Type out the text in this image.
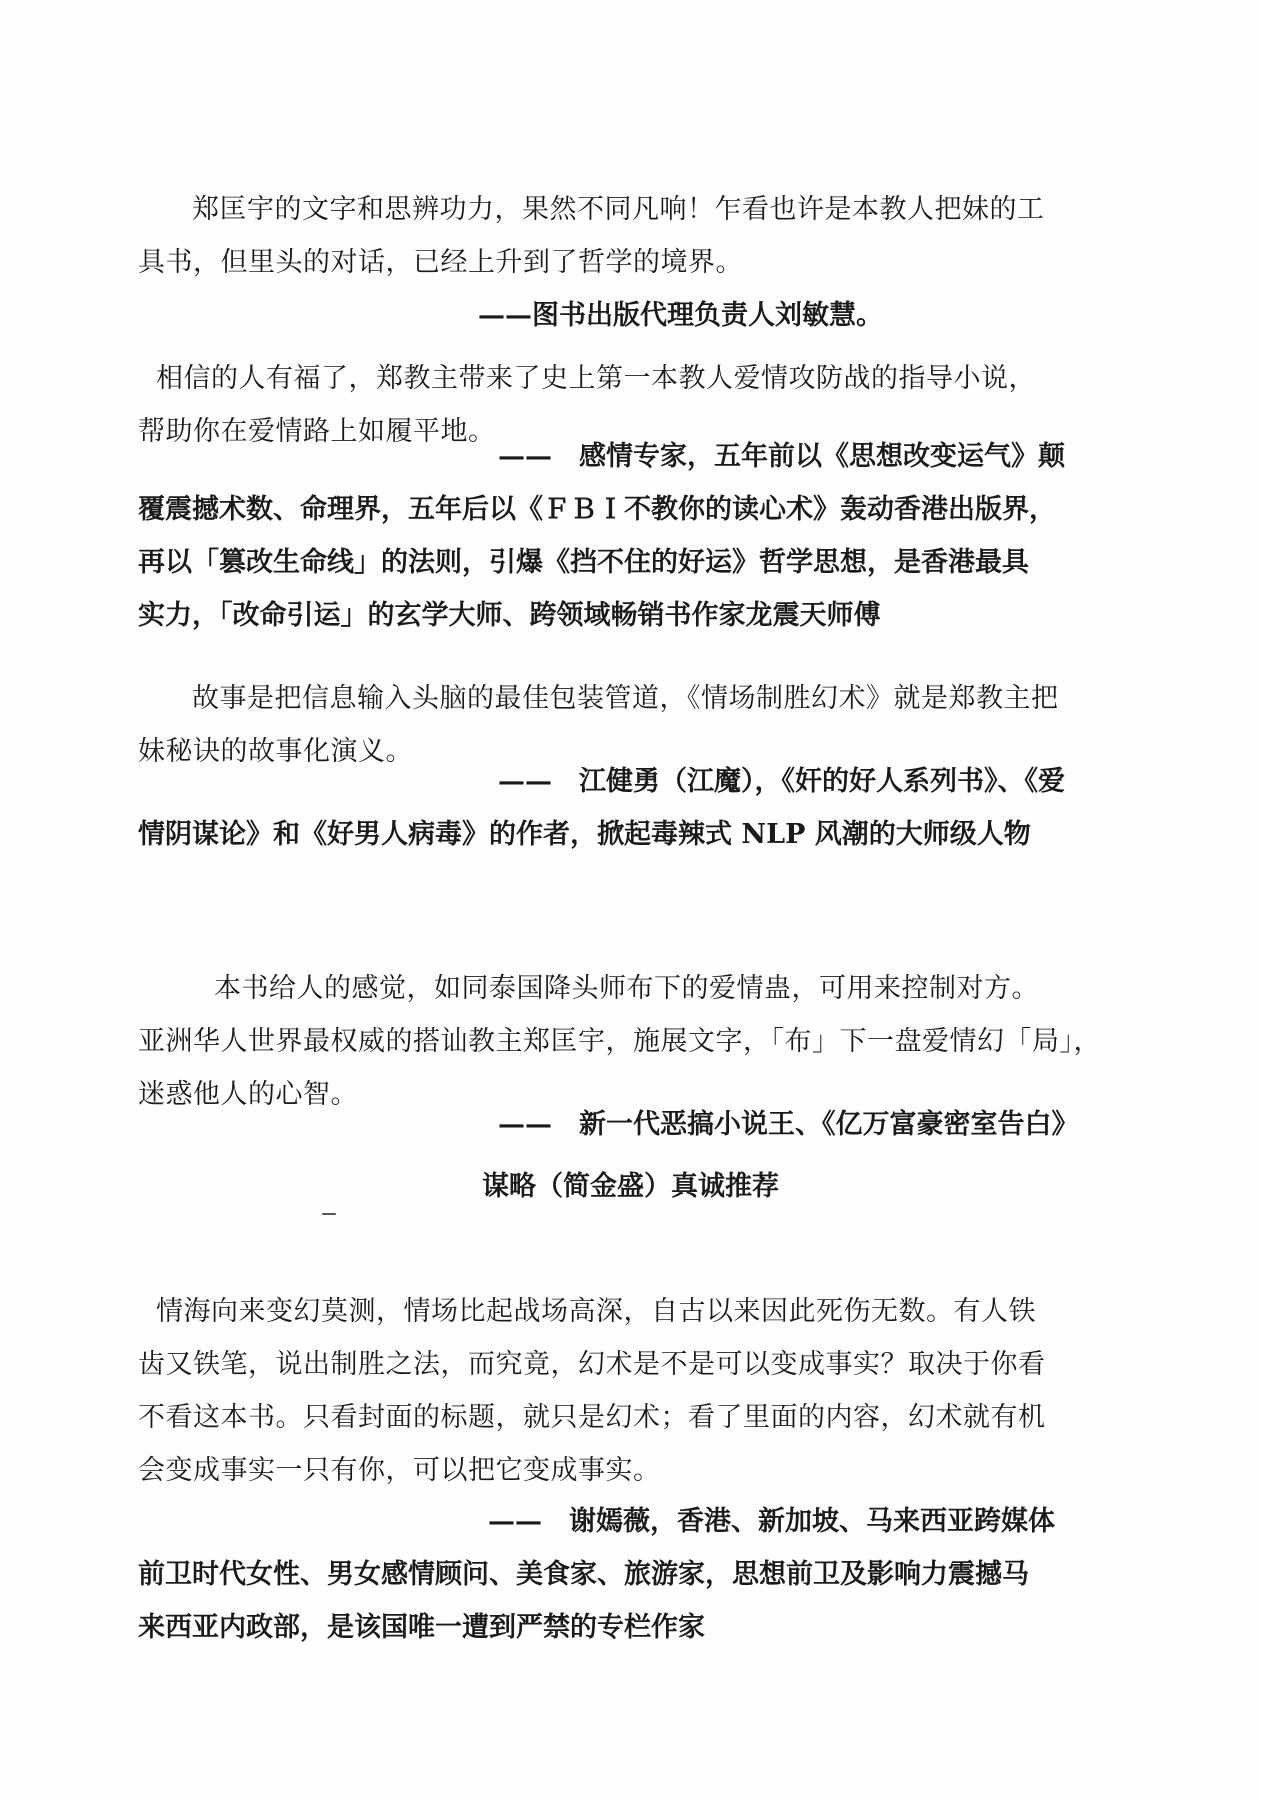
郑匡宇的文字和思辨功力，果然不同凡响！乍看也许是本教人把妹的工
具书，但里头的对话，已经上升到了哲学的境界。
——图书出版代理负责人刘敏慧。
相信的人有福了，郑教主带来了史上第一本教人爱情攻防战的指导小说，
帮助你在爱情路上如履平地。
——　感情专家，五年前以《思想改变运气》颠
覆震撼术数、命理界，五年后以《ＦＢＩ不教你的读心术》轰动香港出版界，
再以「篡改生命线」的法则，引爆《挡不住的好运》哲学思想，是香港最具
实力，「改命引运」的玄学大师、跨领域畅销书作家龙震天师傅
故事是把信息输入头脑的最佳包装管道，《情场制胜幻术》就是郑教主把
妹秘诀的故事化演义。
——　江健勇（江魔），《奸的好人系列书》、《爱
情阴谋论》和《好男人病毒》的作者，掀起毒辣式 NLP 风潮的大师级人物
本书给人的感觉，如同泰国降头师布下的爱情蛊，可用来控制对方。
亚洲华人世界最权威的搭讪教主郑匡宇，施展文字，「布」下一盘爱情幻「局」，
迷惑他人的心智。
——　新一代恶搞小说王、《亿万富豪密室告白》
谋略（简金盛）真诚推荐
情海向来变幻莫测，情场比起战场高深，自古以来因此死伤无数。有人铁
齿又铁笔，说出制胜之法，而究竟，幻术是不是可以变成事实？取决于你看
不看这本书。只看封面的标题，就只是幻术；看了里面的内容，幻术就有机
会变成事实一只有你，可以把它变成事实。
——　谢嫣薇，香港、新加坡、马来西亚跨媒体
前卫时代女性、男女感情顾问、美食家、旅游家，思想前卫及影响力震撼马
来西亚内政部，是该国唯一遭到严禁的专栏作家
